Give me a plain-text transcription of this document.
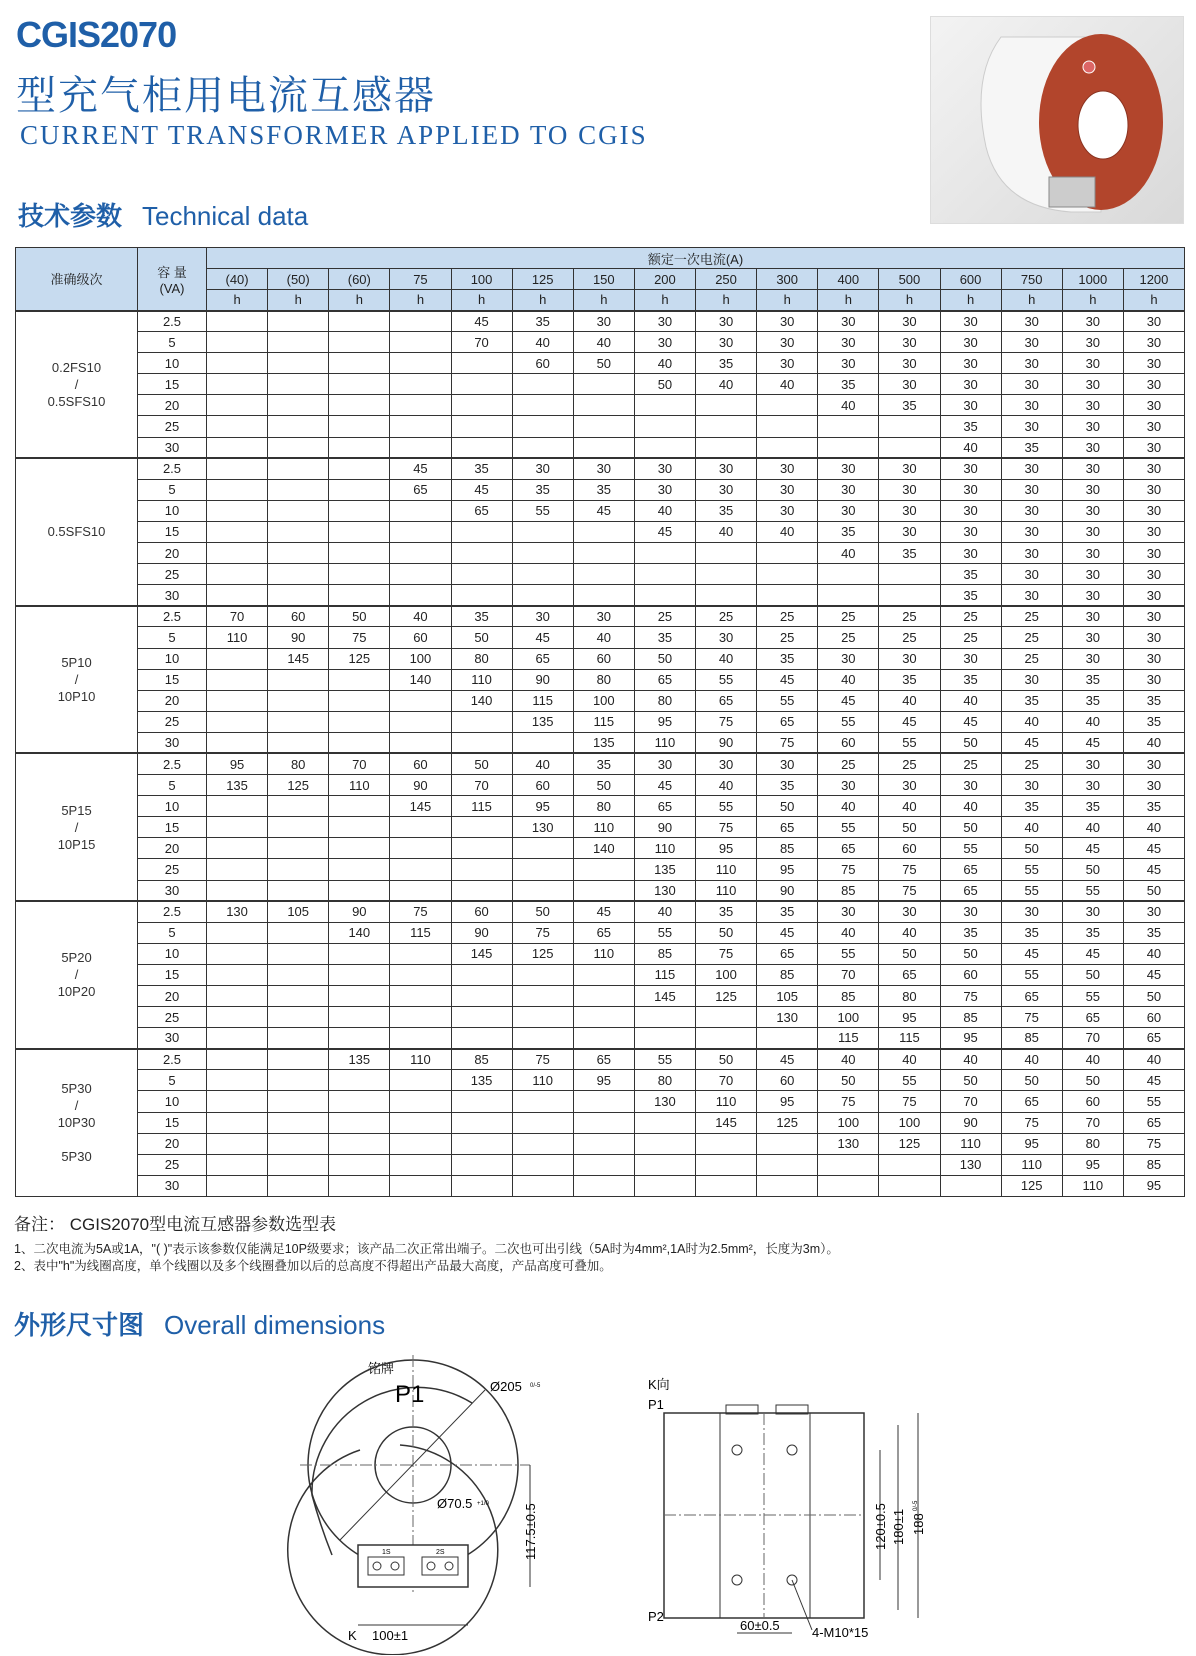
CGIS2070
型充气柜用电流互感器
CURRENT TRANSFORMER APPLIED TO CGIS
技术参数 Technical data
准确级次	容 量
(VA)	额定一次电流(A)															
		(40)	(50)	(60)	75	100	125	150	200	250	300	400	500	600	750	1000	1200
		h	h	h	h	h	h	h	h	h	h	h	h	h	h	h	h

0.2FS10
/
0.5SFS10	2.5					45	35	30	30	30	30	30	30	30	30	30	30
	5					70	40	40	30	30	30	30	30	30	30	30	30
	10						60	50	40	35	30	30	30	30	30	30	30
	15								50	40	40	35	30	30	30	30	30
	20											40	35	30	30	30	30
	25													35	30	30	30
	30													40	35	30	30

0.5SFS10	2.5				45	35	30	30	30	30	30	30	30	30	30	30	30
	5				65	45	35	35	30	30	30	30	30	30	30	30	30
	10					65	55	45	40	35	30	30	30	30	30	30	30
	15								45	40	40	35	30	30	30	30	30
	20											40	35	30	30	30	30
	25													35	30	30	30
	30													35	30	30	30

5P10
/
10P10	2.5	70	60	50	40	35	30	30	25	25	25	25	25	25	25	30	30
	5	110	90	75	60	50	45	40	35	30	25	25	25	25	25	30	30
	10		145	125	100	80	65	60	50	40	35	30	30	30	25	30	30
	15				140	110	90	80	65	55	45	40	35	35	30	35	30
	20					140	115	100	80	65	55	45	40	40	35	35	35
	25						135	115	95	75	65	55	45	45	40	40	35
	30							135	110	90	75	60	55	50	45	45	40

5P15
/
10P15	2.5	95	80	70	60	50	40	35	30	30	30	25	25	25	25	30	30
	5	135	125	110	90	70	60	50	45	40	35	30	30	30	30	30	30
	10				145	115	95	80	65	55	50	40	40	40	35	35	35
	15						130	110	90	75	65	55	50	50	40	40	40
	20							140	110	95	85	65	60	55	50	45	45
	25								135	110	95	75	75	65	55	50	45
	30								130	110	90	85	75	65	55	55	50

5P20
/
10P20	2.5	130	105	90	75	60	50	45	40	35	35	30	30	30	30	30	30
	5			140	115	90	75	65	55	50	45	40	40	35	35	35	35
	10					145	125	110	85	75	65	55	50	50	45	45	40
	15								115	100	85	70	65	60	55	50	45
	20								145	125	105	85	80	75	65	55	50
	25										130	100	95	85	75	65	60
	30											115	115	95	85	70	65

5P30
/
10P30
5P30	2.5			135	110	85	75	65	55	50	45	40	40	40	40	40	40
	5					135	110	95	80	70	60	50	55	50	50	50	45
	10								130	110	95	75	75	70	65	60	55
	15									145	125	100	100	90	75	70	65
	20											130	125	110	95	80	75
	25													130	110	95	85
	30														125	110	95
备注： CGIS2070型电流互感器参数选型表
1、二次电流为5A或1A，"( )"表示该参数仅能满足10P级要求；该产品二次正常出端子。二次也可出引线（5A时为4mm²,1A时为2.5mm²，长度为3m）。
2、表中"h"为线圈高度，单个线圈以及多个线圈叠加以后的总高度不得超出产品最大高度，产品高度可叠加。
外形尺寸图 Overall dimensions
铭牌
1S	2S
P1	Ø205 0/-5
Ø70.5 +1/0	117.5±0.5
K 100±1
K向
P1
P2
120±0.5 180±1 188
0/-5
60±0.5 4-M10*15
